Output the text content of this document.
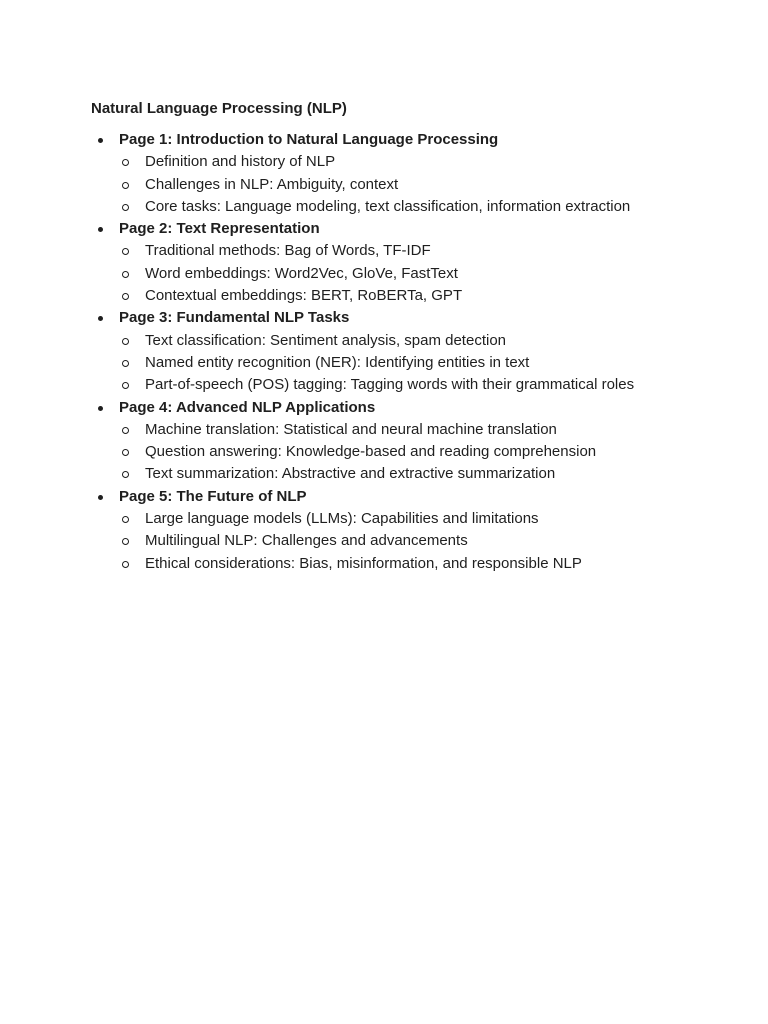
Natural Language Processing (NLP)
Page 1: Introduction to Natural Language Processing
Definition and history of NLP
Challenges in NLP: Ambiguity, context
Core tasks: Language modeling, text classification, information extraction
Page 2: Text Representation
Traditional methods: Bag of Words, TF-IDF
Word embeddings: Word2Vec, GloVe, FastText
Contextual embeddings: BERT, RoBERTa, GPT
Page 3: Fundamental NLP Tasks
Text classification: Sentiment analysis, spam detection
Named entity recognition (NER): Identifying entities in text
Part-of-speech (POS) tagging: Tagging words with their grammatical roles
Page 4: Advanced NLP Applications
Machine translation: Statistical and neural machine translation
Question answering: Knowledge-based and reading comprehension
Text summarization: Abstractive and extractive summarization
Page 5: The Future of NLP
Large language models (LLMs): Capabilities and limitations
Multilingual NLP: Challenges and advancements
Ethical considerations: Bias, misinformation, and responsible NLP
